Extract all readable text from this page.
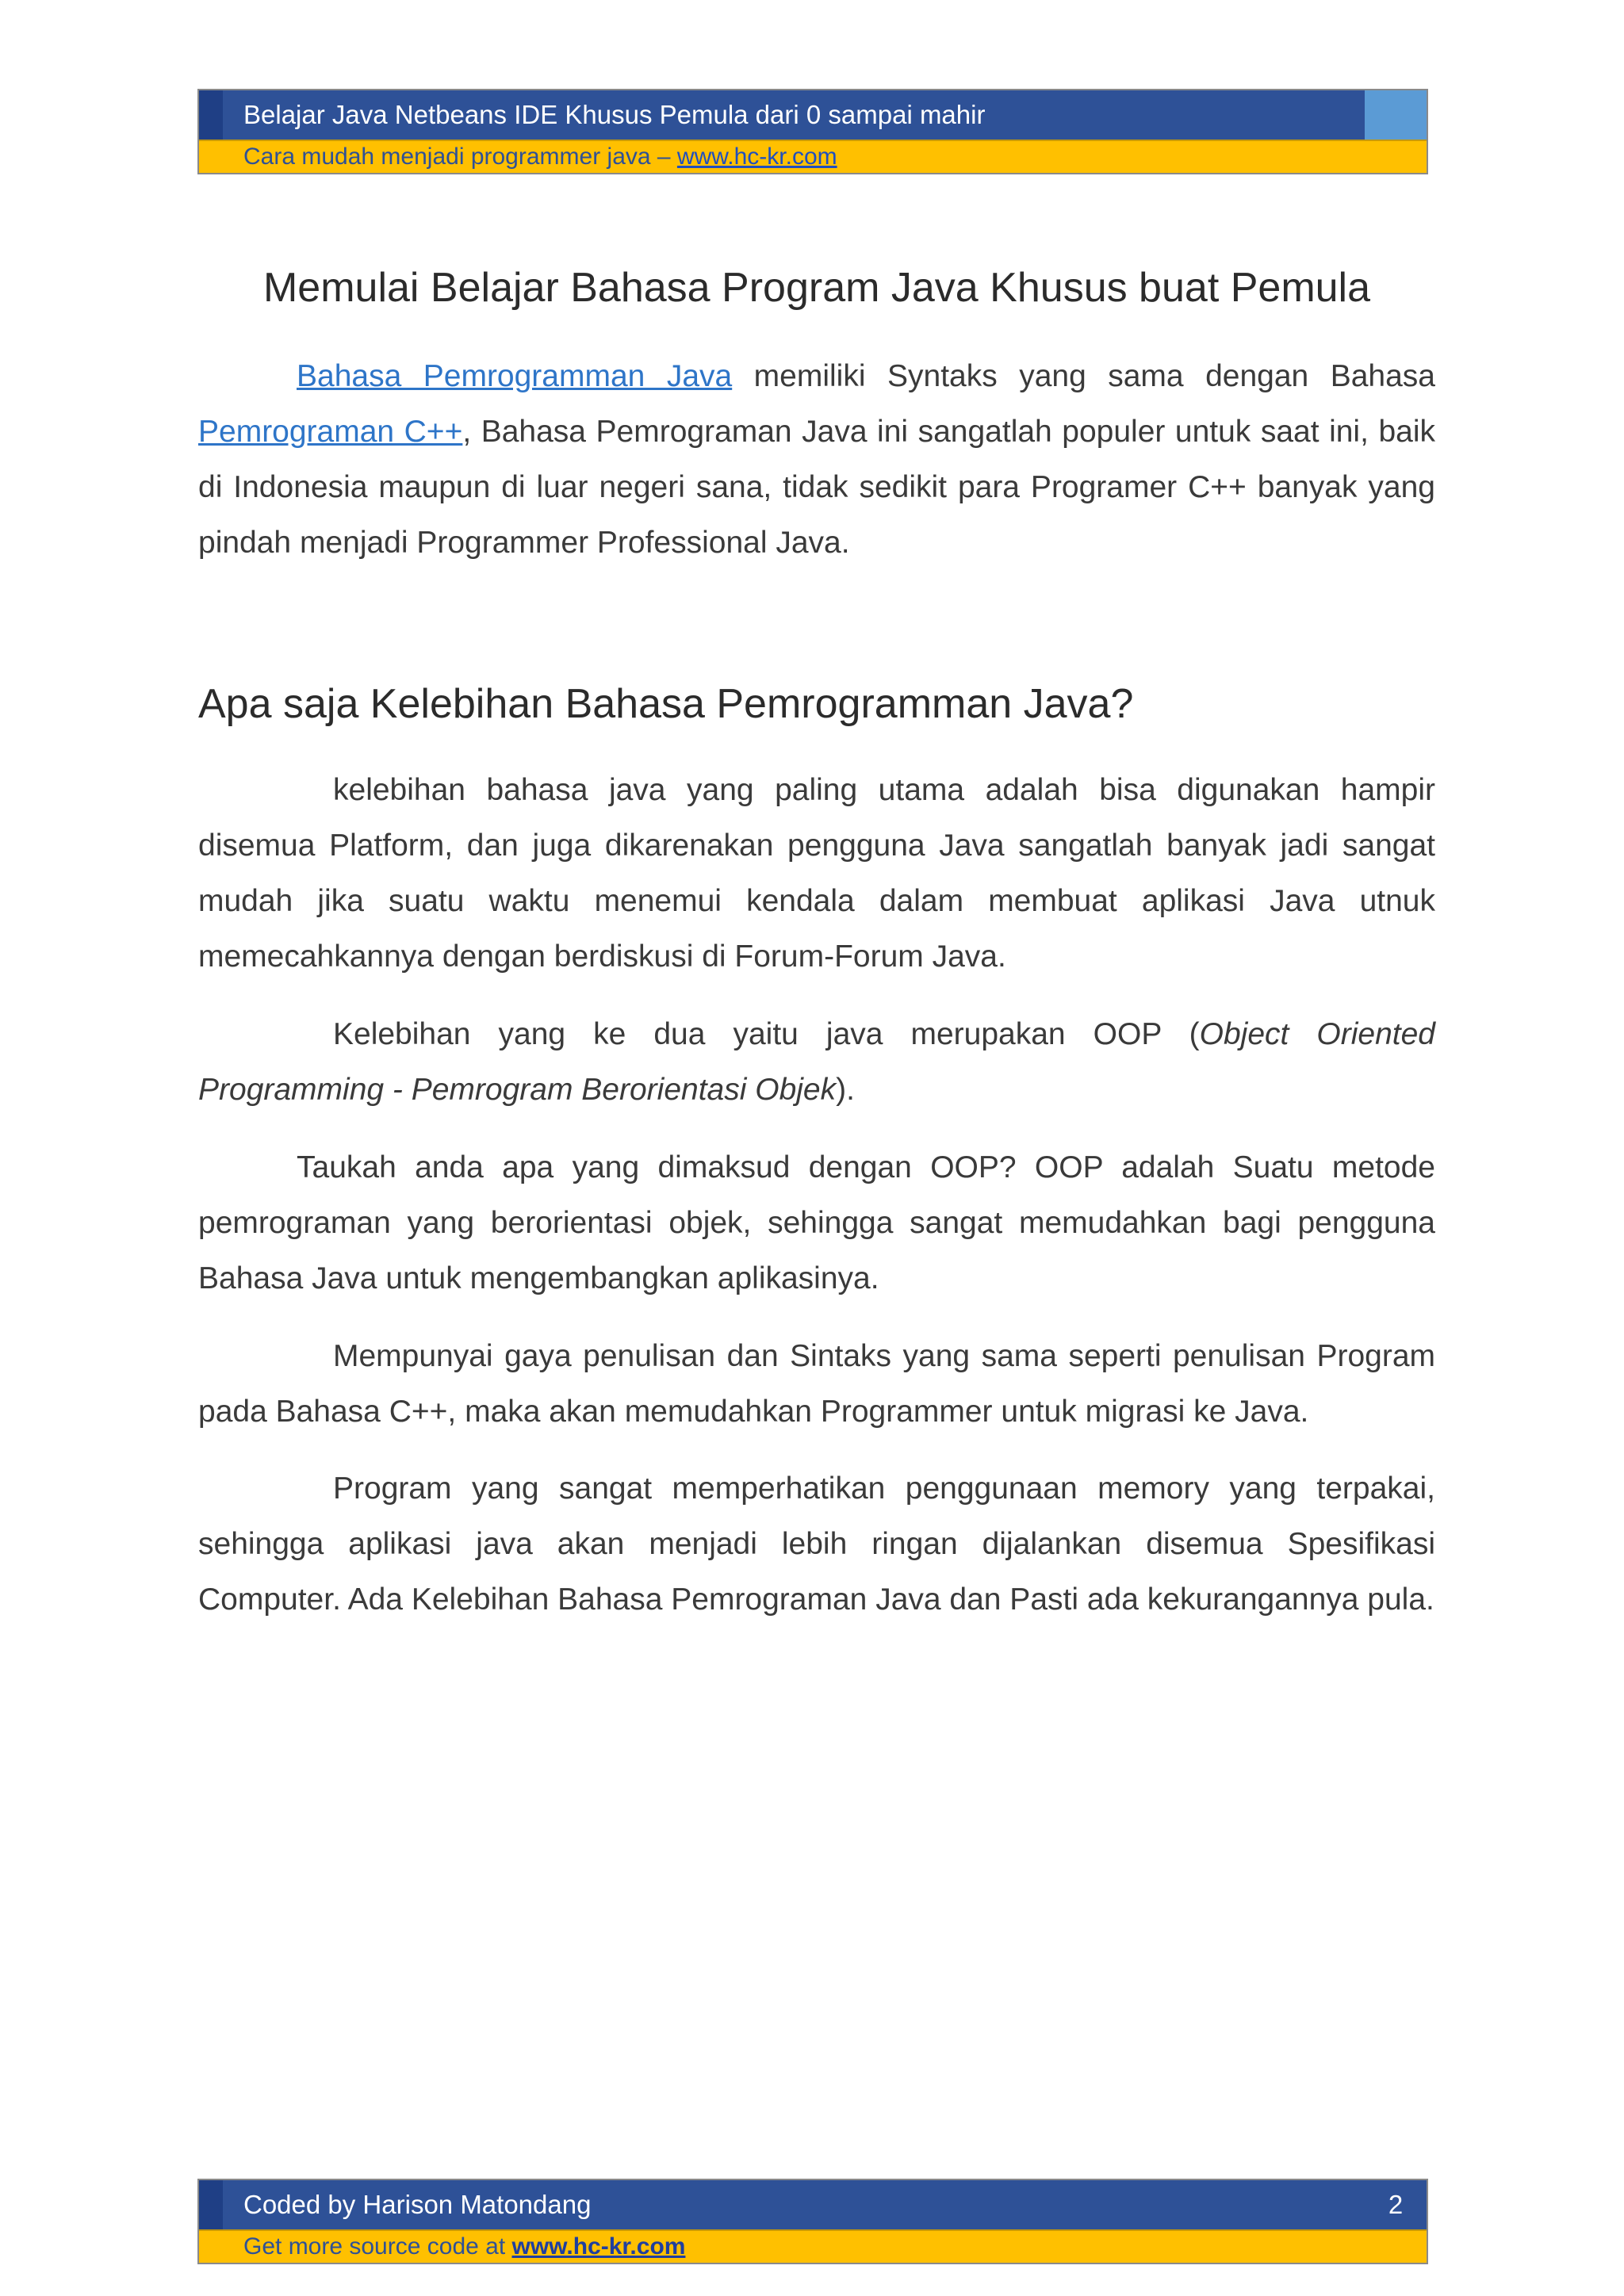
Belajar Java Netbeans IDE Khusus Pemula dari 0 sampai mahir
Cara mudah menjadi programmer java – www.hc-kr.com
Memulai Belajar Bahasa Program Java Khusus buat Pemula

Bahasa Pemrogramman Java memiliki Syntaks yang sama dengan Bahasa Pemrograman C++, Bahasa Pemrograman Java ini sangatlah populer untuk saat ini, baik di Indonesia maupun di luar negeri sana, tidak sedikit para Programer C++ banyak yang pindah menjadi Programmer Professional Java.

Apa saja Kelebihan Bahasa Pemrogramman Java?

kelebihan bahasa java yang paling utama adalah bisa digunakan hampir disemua Platform, dan juga dikarenakan pengguna Java sangatlah banyak jadi sangat mudah jika suatu waktu menemui kendala dalam membuat aplikasi Java utnuk memecahkannya dengan berdiskusi di Forum-Forum Java.

Kelebihan yang ke dua yaitu java merupakan OOP (Object Oriented Programming - Pemrogram Berorientasi Objek).

Taukah anda apa yang dimaksud dengan OOP? OOP adalah Suatu metode pemrograman yang berorientasi objek, sehingga sangat memudahkan bagi pengguna Bahasa Java untuk mengembangkan aplikasinya.

Mempunyai gaya penulisan dan Sintaks yang sama seperti penulisan Program pada Bahasa C++, maka akan memudahkan Programmer untuk migrasi ke Java.

Program yang sangat memperhatikan penggunaan memory yang terpakai, sehingga aplikasi java akan menjadi lebih ringan dijalankan disemua Spesifikasi Computer. Ada Kelebihan Bahasa Pemrograman Java dan Pasti ada kekurangannya pula.

Coded by Harison Matondang	2
Get more source code at www.hc-kr.com
